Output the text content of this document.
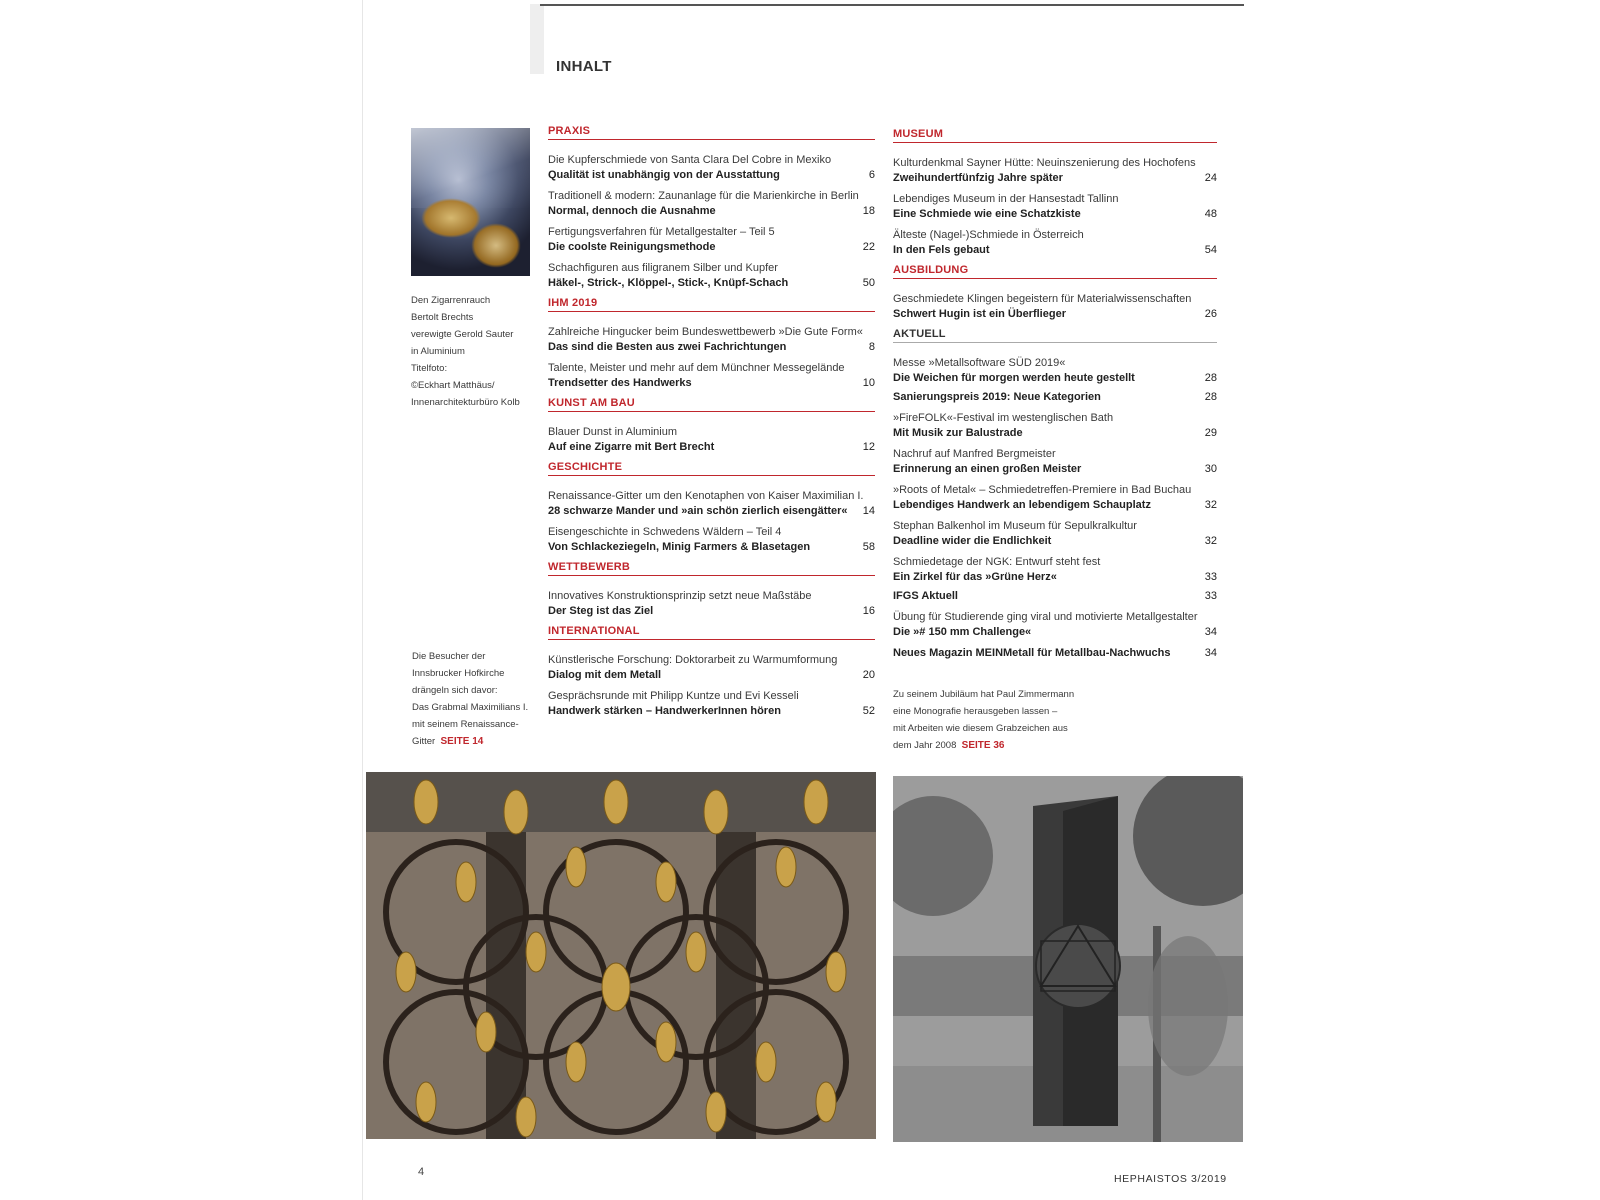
INHALT
Den Zigarrenrauch
Bertolt Brechts
verewigte Gerold Sauter
in Aluminium
Titelfoto:
©Eckhart Matthäus/
Innenarchitekturbüro Kolb
Die Besucher der
Innsbrucker Hofkirche
drängeln sich davor:
Das Grabmal Maximilians I.
mit seinem Renaissance-
Gitter SEITE 14
Zu seinem Jubiläum hat Paul Zimmermann
eine Monografie herausgeben lassen –
mit Arbeiten wie diesem Grabzeichen aus
dem Jahr 2008 SEITE 36
PRAXIS
Die Kupferschmiede von Santa Clara Del Cobre in Mexiko
Qualität ist unabhängig von der Ausstattung	6
Traditionell & modern: Zaunanlage für die Marienkirche in Berlin
Normal, dennoch die Ausnahme	18
Fertigungsverfahren für Metallgestalter – Teil 5
Die coolste Reinigungsmethode	22
Schachfiguren aus filigranem Silber und Kupfer
Häkel-, Strick-, Klöppel-, Stick-, Knüpf-Schach	50
IHM 2019
Zahlreiche Hingucker beim Bundeswettbewerb »Die Gute Form«
Das sind die Besten aus zwei Fachrichtungen	8
Talente, Meister und mehr auf dem Münchner Messegelände
Trendsetter des Handwerks	10
KUNST AM BAU
Blauer Dunst in Aluminium
Auf eine Zigarre mit Bert Brecht	12
GESCHICHTE
Renaissance-Gitter um den Kenotaphen von Kaiser Maximilian I.
28 schwarze Mander und »ain schön zierlich eisengätter«	14
Eisengeschichte in Schwedens Wäldern – Teil 4
Von Schlackeziegeln, Minig Farmers & Blasetagen	58
WETTBEWERB
Innovatives Konstruktionsprinzip setzt neue Maßstäbe
Der Steg ist das Ziel	16
INTERNATIONAL
Künstlerische Forschung: Doktorarbeit zu Warmumformung
Dialog mit dem Metall	20
Gesprächsrunde mit Philipp Kuntze und Evi Kesseli
Handwerk stärken – HandwerkerInnen hören	52
MUSEUM
Kulturdenkmal Sayner Hütte: Neuinszenierung des Hochofens
Zweihundertfünfzig Jahre später	24
Lebendiges Museum in der Hansestadt Tallinn
Eine Schmiede wie eine Schatzkiste	48
Älteste (Nagel-)Schmiede in Österreich
In den Fels gebaut	54
AUSBILDUNG
Geschmiedete Klingen begeistern für Materialwissenschaften
Schwert Hugin ist ein Überflieger	26
AKTUELL
Messe »Metallsoftware SÜD 2019«
Die Weichen für morgen werden heute gestellt	28
Sanierungspreis 2019: Neue Kategorien	28
»FireFOLK«-Festival im westenglischen Bath
Mit Musik zur Balustrade	29
Nachruf auf Manfred Bergmeister
Erinnerung an einen großen Meister	30
»Roots of Metal« – Schmiedetreffen-Premiere in Bad Buchau
Lebendiges Handwerk an lebendigem Schauplatz	32
Stephan Balkenhol im Museum für Sepulkralkultur
Deadline wider die Endlichkeit	32
Schmiedetage der NGK: Entwurf steht fest
Ein Zirkel für das »Grüne Herz«	33
IFGS Aktuell	33
Übung für Studierende ging viral und motivierte Metallgestalter
Die »# 150 mm Challenge«	34
Neues Magazin MEINMetall für Metallbau-Nachwuchs	34
4
HEPHAISTOS 3/2019
